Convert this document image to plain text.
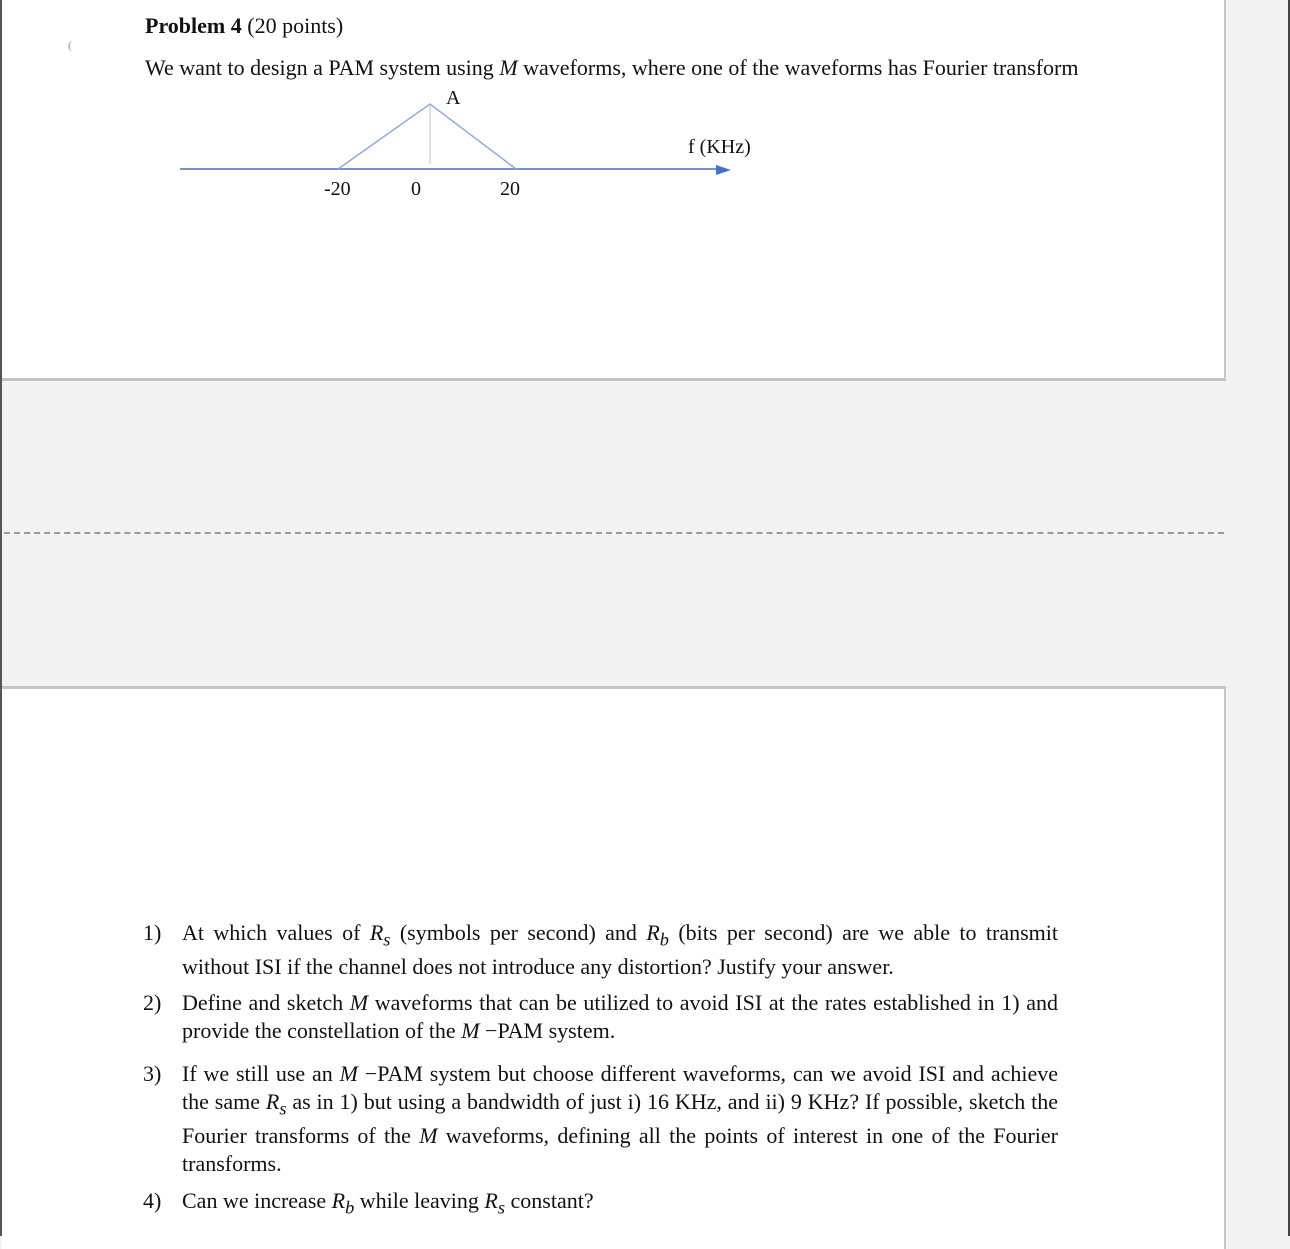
(
Problem 4 (20 points)
We want to design a PAM system using M waveforms, where one of the waveforms has Fourier transform
A
f (KHz)
-20	0	20
1) At which values of $R_s$ (symbols per second) and $R_b$ (bits per second) are we able to transmit without ISI if the channel does not introduce any distortion? Justify your answer.
2) Define and sketch M waveforms that can be utilized to avoid ISI at the rates established in 1) and provide the constellation of the M −PAM system.
3) If we still use an M −PAM system but choose different waveforms, can we avoid ISI and achieve the same $R_s$ as in 1) but using a bandwidth of just i) 16 KHz, and ii) 9 KHz? If possible, sketch the Fourier transforms of the M waveforms, defining all the points of interest in one of the Fourier transforms.
4) Can we increase $R_b$ while leaving $R_s$ constant?
